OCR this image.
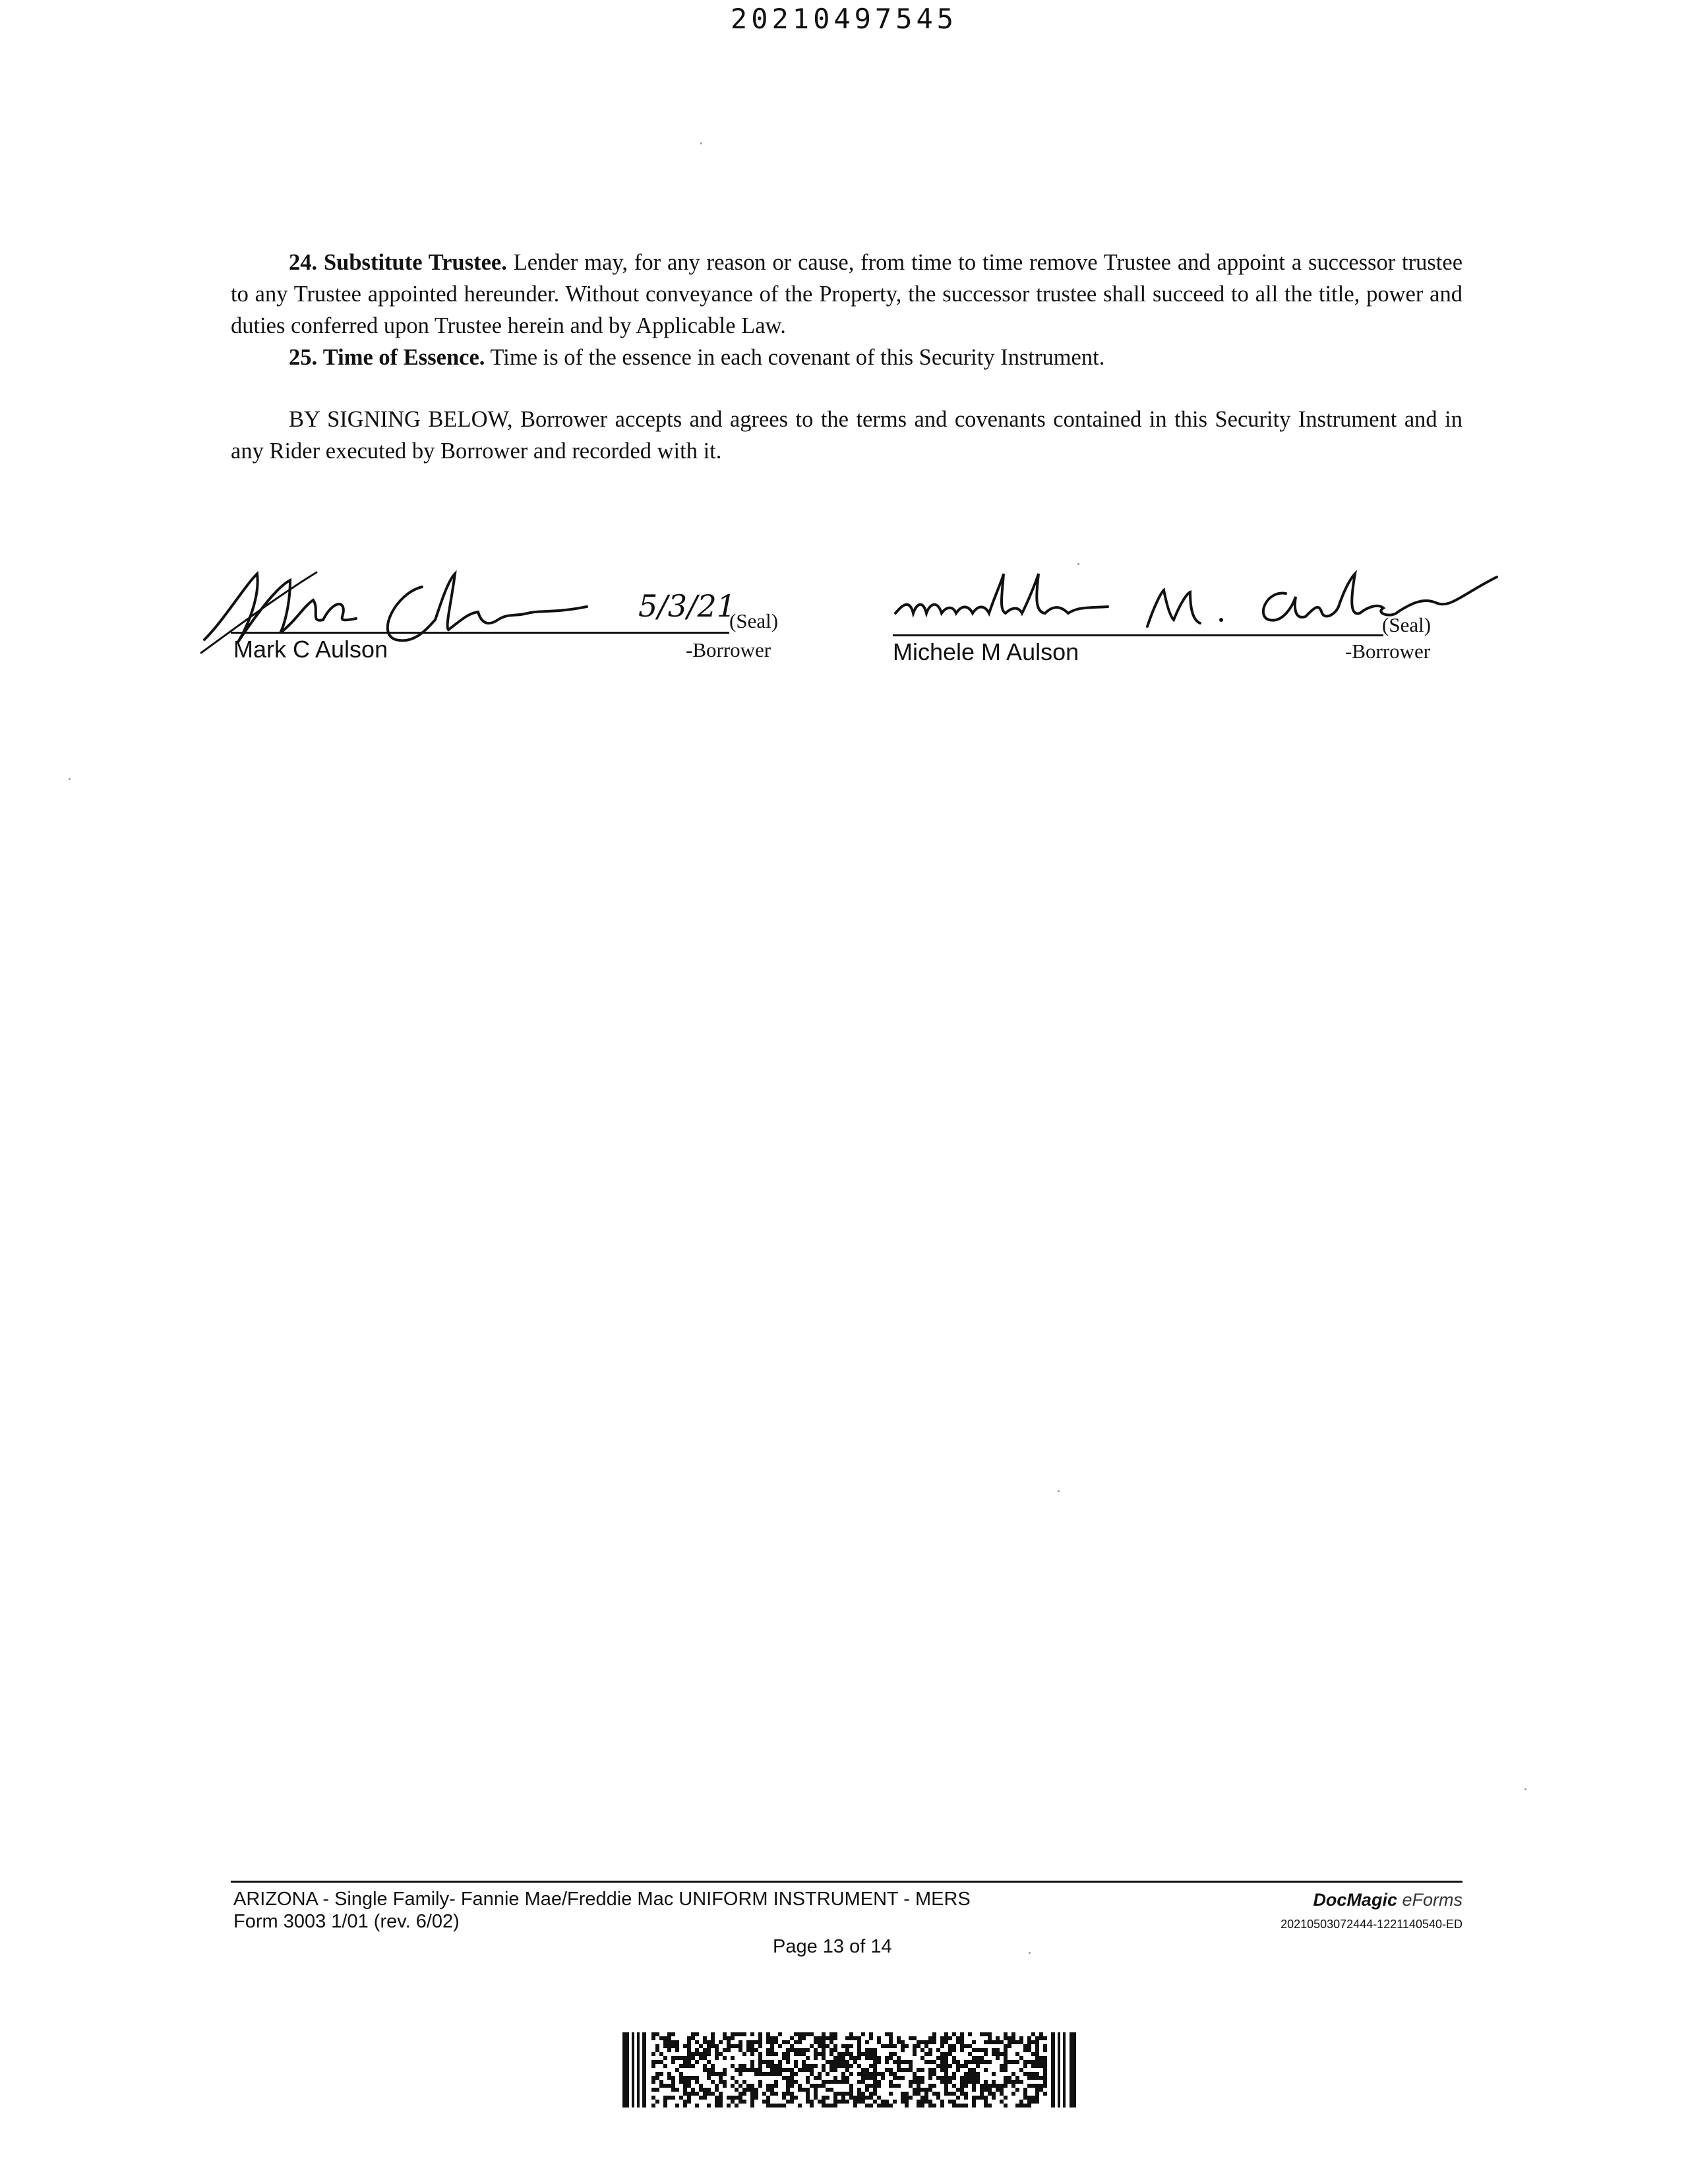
20210497545

24. Substitute Trustee. Lender may, for any reason or cause, from time to time remove Trustee and appoint a successor trustee to any Trustee appointed hereunder. Without conveyance of the Property, the successor trustee shall succeed to all the title, power and duties conferred upon Trustee herein and by Applicable Law.

25. Time of Essence. Time is of the essence in each covenant of this Security Instrument.

BY SIGNING BELOW, Borrower accepts and agrees to the terms and covenants contained in this Security Instrument and in any Rider executed by Borrower and recorded with it.

5/3/21
(Seal)
Mark C Aulson	-Borrower
(Seal)
Michele M Aulson	-Borrower
ARIZONA - Single Family- Fannie Mae/Freddie Mac UNIFORM INSTRUMENT - MERS
Form 3003 1/01 (rev. 6/02)
Page 13 of 14
DocMagic eForms
20210503072444-1221140540-ED
